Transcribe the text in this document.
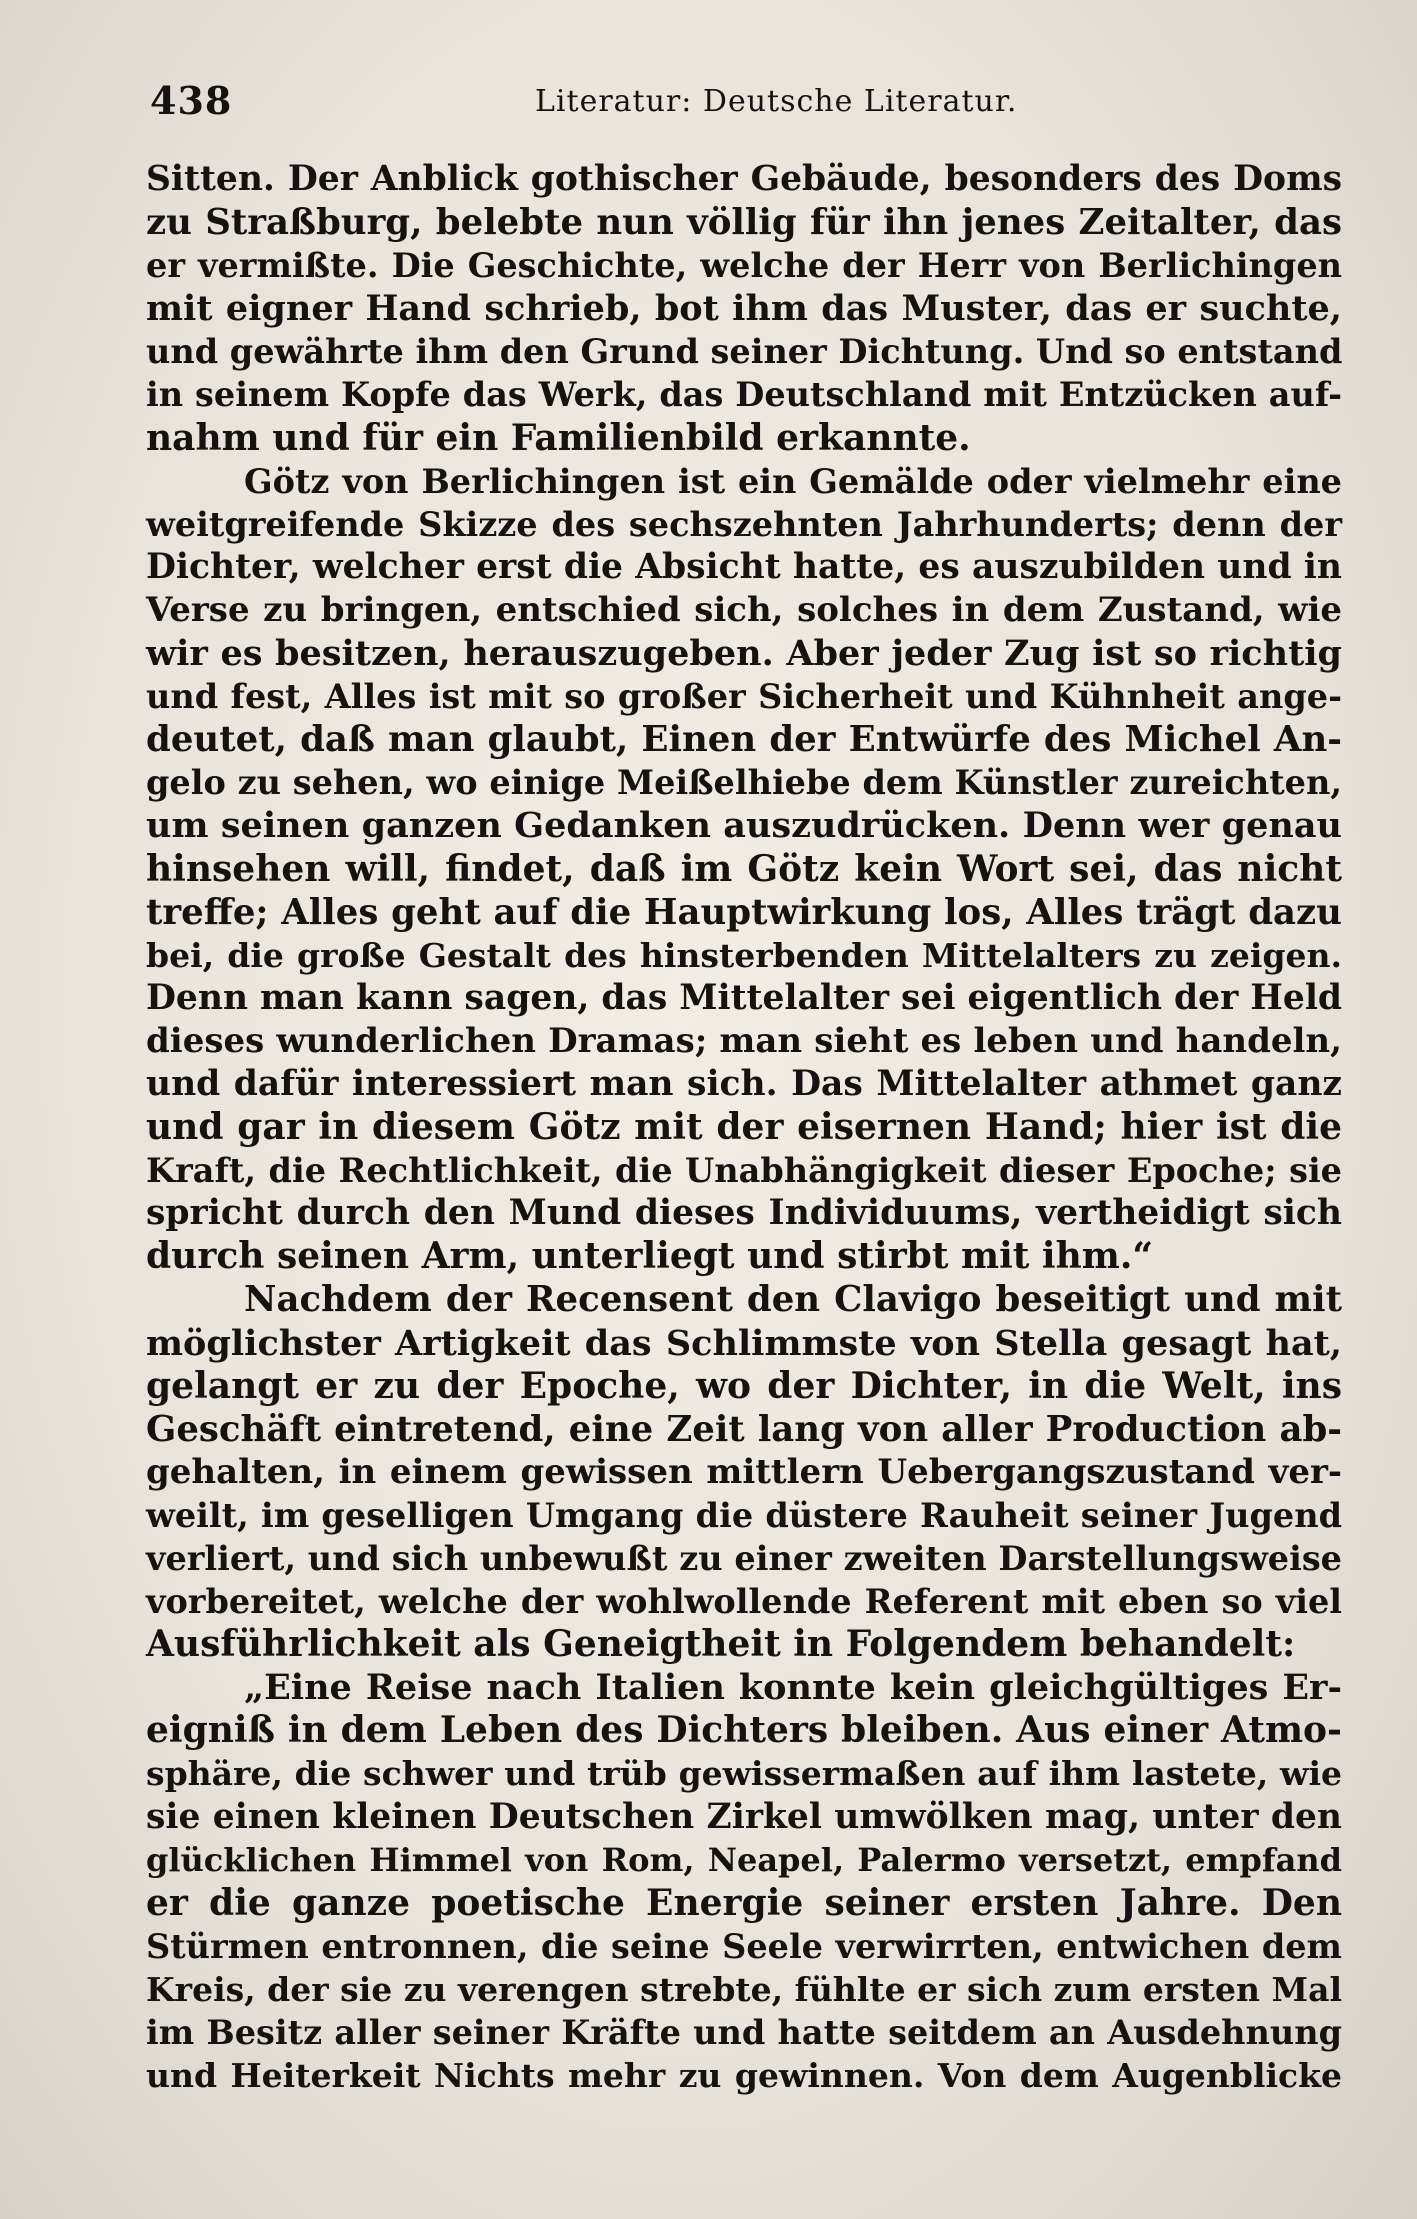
438	Literatur: Deutsche Literatur.
Sitten. Der Anblick gothischer Gebäude, besonders des Doms
zu Straßburg, belebte nun völlig für ihn jenes Zeitalter, das
er vermißte. Die Geschichte, welche der Herr von Berlichingen
mit eigner Hand schrieb, bot ihm das Muster, das er suchte,
und gewährte ihm den Grund seiner Dichtung. Und so entstand
in seinem Kopfe das Werk, das Deutschland mit Entzücken auf-
nahm und für ein Familienbild erkannte.
Götz von Berlichingen ist ein Gemälde oder vielmehr eine
weitgreifende Skizze des sechszehnten Jahrhunderts; denn der
Dichter, welcher erst die Absicht hatte, es auszubilden und in
Verse zu bringen, entschied sich, solches in dem Zustand, wie
wir es besitzen, herauszugeben. Aber jeder Zug ist so richtig
und fest, Alles ist mit so großer Sicherheit und Kühnheit ange-
deutet, daß man glaubt, Einen der Entwürfe des Michel An-
gelo zu sehen, wo einige Meißelhiebe dem Künstler zureichten,
um seinen ganzen Gedanken auszudrücken. Denn wer genau
hinsehen will, findet, daß im Götz kein Wort sei, das nicht
treffe; Alles geht auf die Hauptwirkung los, Alles trägt dazu
bei, die große Gestalt des hinsterbenden Mittelalters zu zeigen.
Denn man kann sagen, das Mittelalter sei eigentlich der Held
dieses wunderlichen Dramas; man sieht es leben und handeln,
und dafür interessiert man sich. Das Mittelalter athmet ganz
und gar in diesem Götz mit der eisernen Hand; hier ist die
Kraft, die Rechtlichkeit, die Unabhängigkeit dieser Epoche; sie
spricht durch den Mund dieses Individuums, vertheidigt sich
durch seinen Arm, unterliegt und stirbt mit ihm.“
Nachdem der Recensent den Clavigo beseitigt und mit
möglichster Artigkeit das Schlimmste von Stella gesagt hat,
gelangt er zu der Epoche, wo der Dichter, in die Welt, ins
Geschäft eintretend, eine Zeit lang von aller Production ab-
gehalten, in einem gewissen mittlern Uebergangszustand ver-
weilt, im geselligen Umgang die düstere Rauheit seiner Jugend
verliert, und sich unbewußt zu einer zweiten Darstellungsweise
vorbereitet, welche der wohlwollende Referent mit eben so viel
Ausführlichkeit als Geneigtheit in Folgendem behandelt:
„Eine Reise nach Italien konnte kein gleichgültiges Er-
eigniß in dem Leben des Dichters bleiben. Aus einer Atmo-
sphäre, die schwer und trüb gewissermaßen auf ihm lastete, wie
sie einen kleinen Deutschen Zirkel umwölken mag, unter den
glücklichen Himmel von Rom, Neapel, Palermo versetzt, empfand
er die ganze poetische Energie seiner ersten Jahre. Den
Stürmen entronnen, die seine Seele verwirrten, entwichen dem
Kreis, der sie zu verengen strebte, fühlte er sich zum ersten Mal
im Besitz aller seiner Kräfte und hatte seitdem an Ausdehnung
und Heiterkeit Nichts mehr zu gewinnen. Von dem Augenblicke
